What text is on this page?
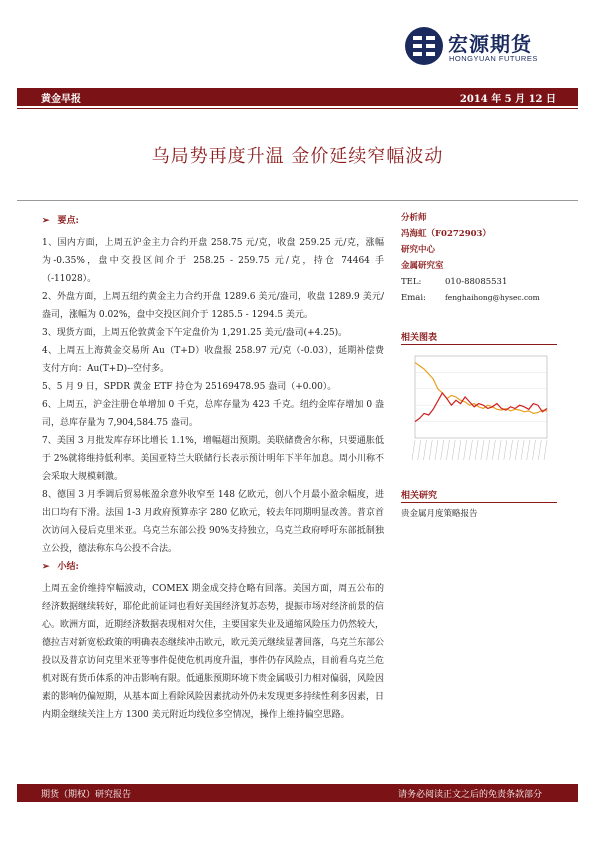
宏源期货
HONGYUAN FUTURES
黄金早报	2014 年 5 月 12 日
乌局势再度升温 金价延续窄幅波动
➢ 要点:
1、国内方面，上周五沪金主力合约开盘 258.75 元/克，收盘 259.25 元/克，涨幅为-0.35%，盘中交投区间介于 258.25 - 259.75 元/克，持仓 74464 手（-11028）。
2、外盘方面，上周五纽约黄金主力合约开盘 1289.6 美元/盎司，收盘 1289.9 美元/盎司，涨幅为 0.02%，盘中交投区间介于 1285.5 - 1294.5 美元。
3、现货方面，上周五伦敦黄金下午定盘价为 1,291.25 美元/盎司(+4.25)。
4、上周五上海黄金交易所 Au（T+D）收盘报 258.97 元/克（-0.03），延期补偿费支付方向：Au(T+D)--空付多。
5、5 月 9 日，SPDR 黄金 ETF 持仓为 25169478.95 盎司（+0.00）。
6、上周五，沪金注册仓单增加 0 千克，总库存量为 423 千克。纽约金库存增加 0 盎司，总库存量为 7,904,584.75 盎司。
7、美国 3 月批发库存环比增长 1.1%，增幅超出预期。美联储费舍尔称，只要通胀低于 2%就将维持低利率。美国亚特兰大联储行长表示预计明年下半年加息。周小川称不会采取大规模刺激。
8、德国 3 月季调后贸易帐盈余意外收窄至 148 亿欧元，创八个月最小盈余幅度，进出口均有下滑。法国 1-3 月政府预算赤字 280 亿欧元，较去年同期明显改善。普京首次访问入侵后克里米亚。乌克兰东部公投 90%支持独立，乌克兰政府呼吁东部抵制独立公投，德法称东乌公投不合法。
➢ 小结:
上周五金价维持窄幅波动，COMEX 期金成交持仓略有回落。美国方面，周五公布的经济数据继续转好，耶伦此前证词也看好美国经济复苏态势，提振市场对经济前景的信心。欧洲方面，近期经济数据表现相对欠佳，主要国家失业及通缩风险压力仍然较大，德拉吉对新宽松政策的明确表态继续冲击欧元，欧元美元继续显著回落，乌克兰东部公投以及普京访问克里米亚等事件促使危机再度升温，事件仍存风险点，目前看乌克兰危机对既有货币体系的冲击影响有限。低通胀预期环境下贵金属吸引力相对偏弱，风险因素的影响仍偏短期，从基本面上看除风险因素扰动外仍未发现更多持续性利多因素，日内期金继续关注上方 1300 美元附近均线位多空情况，操作上维持偏空思路。
分析师
冯海虹（F0272903）
研究中心
金属研究室
TEL:	010-88085531
Emai:	fenghaihong@hysec.com
相关图表
相关研究
贵金属月度策略报告
期货（期权）研究报告	请务必阅读正文之后的免责条款部分
